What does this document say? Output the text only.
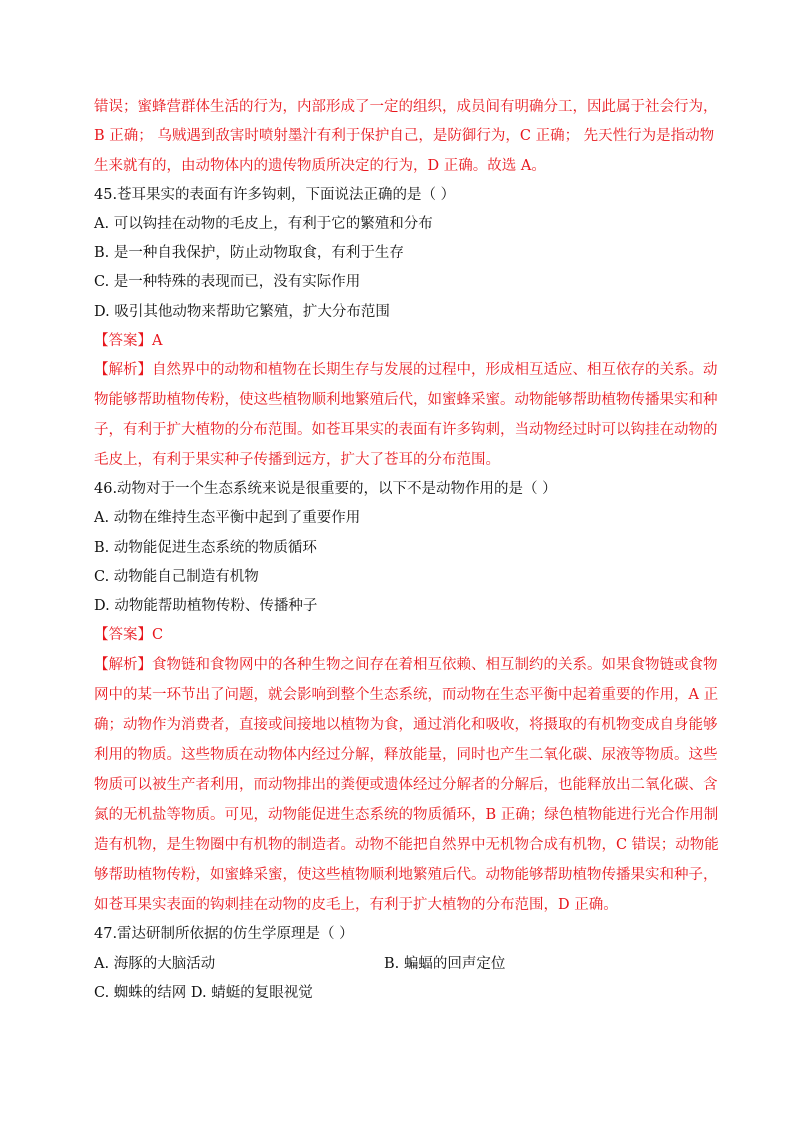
错误；蜜蜂营群体生活的行为，内部形成了一定的组织，成员间有明确分工，因此属于社会行为，
B 正确； 乌贼遇到敌害时喷射墨汁有利于保护自己，是防御行为，C 正确； 先天性行为是指动物
生来就有的，由动物体内的遗传物质所决定的行为，D 正确。故选 A。
45.苍耳果实的表面有许多钩刺，下面说法正确的是（ ）
A. 可以钩挂在动物的毛皮上，有利于它的繁殖和分布
B. 是一种自我保护，防止动物取食，有利于生存
C. 是一种特殊的表现而已，没有实际作用
D. 吸引其他动物来帮助它繁殖，扩大分布范围
【答案】A
【解析】自然界中的动物和植物在长期生存与发展的过程中，形成相互适应、相互依存的关系。动
物能够帮助植物传粉，使这些植物顺利地繁殖后代，如蜜蜂采蜜。动物能够帮助植物传播果实和种
子，有利于扩大植物的分布范围。如苍耳果实的表面有许多钩刺，当动物经过时可以钩挂在动物的
毛皮上，有利于果实种子传播到远方，扩大了苍耳的分布范围。
46.动物对于一个生态系统来说是很重要的，以下不是动物作用的是（ ）
A. 动物在维持生态平衡中起到了重要作用
B. 动物能促进生态系统的物质循环
C. 动物能自己制造有机物
D. 动物能帮助植物传粉、传播种子
【答案】C
【解析】食物链和食物网中的各种生物之间存在着相互依赖、相互制约的关系。如果食物链或食物
网中的某一环节出了问题，就会影响到整个生态系统，而动物在生态平衡中起着重要的作用，A 正
确；动物作为消费者，直接或间接地以植物为食，通过消化和吸收，将摄取的有机物变成自身能够
利用的物质。这些物质在动物体内经过分解，释放能量，同时也产生二氧化碳、尿液等物质。这些
物质可以被生产者利用，而动物排出的粪便或遗体经过分解者的分解后，也能释放出二氧化碳、含
氮的无机盐等物质。可见，动物能促进生态系统的物质循环，B 正确；绿色植物能进行光合作用制
造有机物，是生物圈中有机物的制造者。动物不能把自然界中无机物合成有机物，C 错误；动物能
够帮助植物传粉，如蜜蜂采蜜，使这些植物顺利地繁殖后代。动物能够帮助植物传播果实和种子，
如苍耳果实表面的钩刺挂在动物的皮毛上，有利于扩大植物的分布范围，D 正确。
47.雷达研制所依据的仿生学原理是（ ）
A. 海豚的大脑活动	B. 蝙蝠的回声定位
C. 蜘蛛的结网 D. 蜻蜓的复眼视觉
